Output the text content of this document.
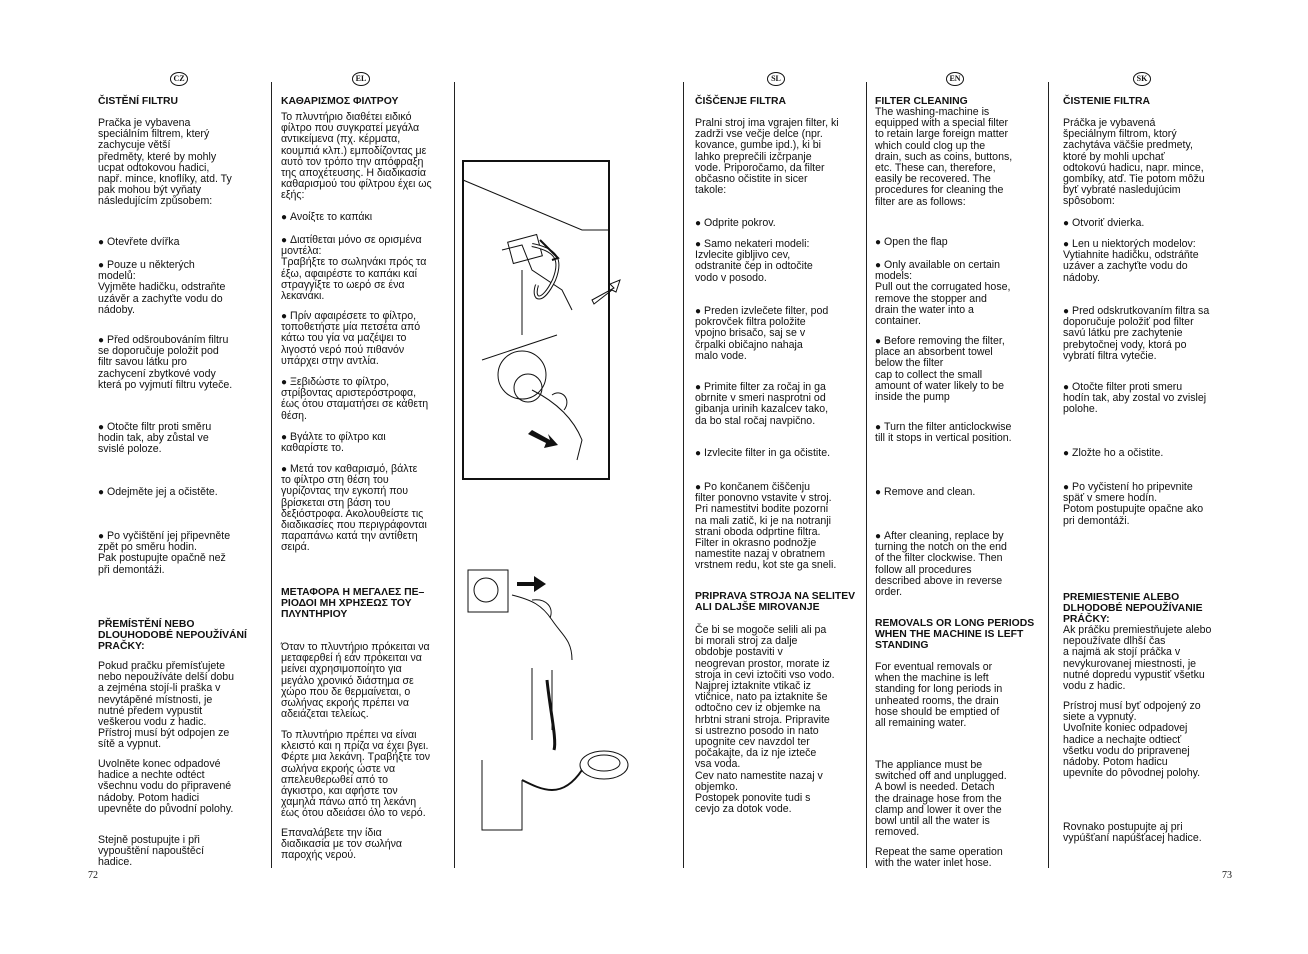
CZ	EL	SL	EN	SK
ČISTĚNÍ FILTRU

Pračka je vybavena
speciálním filtrem, který
zachycuje větší
předměty, které by mohly
ucpat odtokovou hadici,
např. mince, knoflíky, atd. Ty
pak mohou být vyňaty
následujícím způsobem:

● Otevřete dvířka

● Pouze u některých
modelů:
Vyjměte hadičku, odstraňte
uzávěr a zachyťte vodu do
nádoby.

● Před odšroubováním filtru
se doporučuje položit pod
filtr savou látku pro
zachycení zbytkové vody
která po vyjmutí filtru vyteče.

● Otočte filtr proti směru
hodin tak, aby zůstal ve
svislé poloze.

● Odejměte jej a očistěte.

● Po vyčištění jej připevněte
zpět po směru hodin.
Pak postupujte opačně než
při demontáži.

PŘEMÍSTĚNÍ NEBO
DLOUHODOBÉ NEPOUŽÍVÁNÍ
PRAČKY:

Pokud pračku přemísťujete
nebo nepoužíváte delší dobu
a zejména stojí-li praška v
nevytápěné místnosti, je
nutné předem vypustit
veškerou vodu z hadic.
Přístroj musí být odpojen ze
sítě a vypnut.

Uvolněte konec odpadové
hadice a nechte odtéct
všechnu vodu do připravené
nádoby. Potom hadici
upevněte do původní polohy.

Stejně postupujte i při
vypouštění napouštěcí
hadice.

ΚΑΘΑΡΙΣΜΟΣ ΦΙΛΤΡΟΥ

Το πλυντήριο διαθέτει ειδικό
φίλτρο που συγκρατεί μεγάλα
αντικείμενα (πχ. κέρματα,
κουμπιά κλπ.) εμποδίζοντας με
αυτό τον τρόπο την απόφραξη
της αποχέτευσης. Η διαδικασία
καθαρισμού του φίλτρου έχει ως
εξής:

● Ανοίξτε το καπάκι

● Διατίθεται μόνο σε ορισμένα
μοντέλα:
Τραβήξτε το σωληνάκι πρός τα
έξω, αφαιρέστε το καπάκι καί
στραγγίξτε το ωερό σε ένα
λεκανάκι.

● Πρίν αφαιρέσετε το φίλτρο,
τοποθετήστε μία πετσέτα από
κάτω του γία να μαζέψει το
λιγοστό νερό πού πιθανόν
υπάρχει στην αντλία.

● Ξεβιδώστε το φίλτρο,
στρίβοντας αριστερόστροφα,
έως ότου σταματήσει σε κάθετη
θέση.

● Βγάλτε το φίλτρο και
καθαρίστε το.

● Μετά τον καθαρισμό, βάλτε
το φίλτρο στη θέση του
γυρίζοντας την εγκοπή που
βρίσκεται στη βάση του
δεξιόστροφα. Ακολουθείστε τις
διαδικασίες που περιγράφονται
παραπάνω κατά την αντίθετη
σειρά.

ΜΕΤΑΦΟΡΑ Η ΜΕΓΑΛΕΣ ΠΕ–
ΡΙΟΔΟΙ ΜΗ ΧΡΗΣΕΩΣ ΤΟΥ
ΠΛΥΝΤΗΡΙΟΥ

Όταν το πλυντήριο πρόκειται να
μεταφερθεί ή εάν πρόκειται να
μείνει αχρησιμοποίητο για
μεγάλο χρονικό διάστημα σε
χώρο που δε θερμαίνεται, ο
σωλήνας εκροής πρέπει να
αδειάζεται τελείως.

Το πλυντήριο πρέπει να είναι
κλειστό και η πρίζα να έχει βγει.
Φέρτε μια λεκάνη. Τραβήξτε τον
σωλήνα εκροής ώστε να
απελευθερωθεί από το
άγκιστρο, και αφήστε τον
χαμηλά πάνω από τη λεκάνη
έως ότου αδειάσει όλο το νερό.

Επαναλάβετε την ίδια
διαδικασία με τον σωλήνα
παροχής νερού.

ČIŠČENJE FILTRA

Pralni stroj ima vgrajen filter, ki
zadrži vse večje delce (npr.
kovance, gumbe ipd.), ki bi
lahko preprečili izčrpanje
vode. Priporočamo, da filter
občasno očistite in sicer
takole:

● Odprite pokrov.

● Samo nekateri modeli:
Izvlecite gibljivo cev,
odstranite čep in odtočite
vodo v posodo.

● Preden izvlečete filter, pod
pokrovček filtra položite
vpojno brisačo, saj se v
črpalki običajno nahaja
malo vode.

● Primite filter za ročaj in ga
obrnite v smeri nasprotni od
gibanja urinih kazalcev tako,
da bo stal ročaj navpično.

● Izvlecite filter in ga očistite.

● Po končanem čiščenju
filter ponovno vstavite v stroj.
Pri namestitvi bodite pozorni
na mali zatič, ki je na notranji
strani oboda odprtine filtra.
Filter in okrasno podnožje
namestite nazaj v obratnem
vrstnem redu, kot ste ga sneli.

PRIPRAVA STROJA NA SELITEV
ALI DALJŠE MIROVANJE

Če bi se mogoče selili ali pa
bi morali stroj za dalje
obdobje postaviti v
neogrevan prostor, morate iz
stroja in cevi iztočiti vso vodo.
Najprej iztaknite vtikač iz
vtičnice, nato pa iztaknite še
odtočno cev iz objemke na
hrbtni strani stroja. Pripravite
si ustrezno posodo in nato
upognite cev navzdol ter
počakajte, da iz nje izteče
vsa voda.
Cev nato namestite nazaj v
objemko.
Postopek ponovite tudi s
cevjo za dotok vode.

FILTER CLEANING

The washing-machine is
equipped with a special filter
to retain large foreign matter
which could clog up the
drain, such as coins, buttons,
etc. These can, therefore,
easily be recovered. The
procedures for cleaning the
filter are as follows:

● Open the flap

● Only available on certain
models:
Pull out the corrugated hose,
remove the stopper and
drain the water into a
container.

● Before removing the filter,
place an absorbent towel
below the filter
cap to collect the small
amount of water likely to be
inside the pump

● Turn the filter anticlockwise
till it stops in vertical position.

● Remove and clean.

● After cleaning, replace by
turning the notch on the end
of the filter clockwise. Then
follow all procedures
described above in reverse
order.

REMOVALS OR LONG PERIODS
WHEN THE MACHINE IS LEFT
STANDING

For eventual removals or
when the machine is left
standing for long periods in
unheated rooms, the drain
hose should be emptied of
all remaining water.

The appliance must be
switched off and unplugged.
A bowl is needed. Detach
the drainage hose from the
clamp and lower it over the
bowl until all the water is
removed.

Repeat the same operation
with the water inlet hose.

ČISTENIE FILTRA

Práčka je vybavená
špeciálnym filtrom, ktorý
zachytáva väčšie predmety,
ktoré by mohli upchať
odtokovú hadicu, napr. mince,
gombíky, atď. Tie potom môžu
byť vybraté nasledujúcim
spôsobom:

● Otvoriť dvierka.

● Len u niektorých modelov:
Vytiahnite hadičku, odstráňte
uzáver a zachyťte vodu do
nádoby.

● Pred odskrutkovaním filtra sa
doporučuje položiť pod filter
savú látku pre zachytenie
prebytočnej vody, ktorá po
vybratí filtra vytečie.

● Otočte filter proti smeru
hodín tak, aby zostal vo zvislej
polohe.

● Zložte ho a očistite.

● Po vyčistení ho pripevnite
späť v smere hodín.
Potom postupujte opačne ako
pri demontáži.

PREMIESTENIE ALEBO
DLHODOBÉ NEPOUŽÍVANIE
PRÁČKY:

Ak práčku premiestňujete alebo
nepoužívate dlhší čas
a najmä ak stojí práčka v
nevykurovanej miestnosti, je
nutné dopredu vypustiť všetku
vodu z hadic.

Prístroj musí byť odpojený zo
siete a vypnutý.
Uvoľnite koniec odpadovej
hadice a nechajte odtiecť
všetku vodu do pripravenej
nádoby. Potom hadicu
upevnite do pôvodnej polohy.

Rovnako postupujte aj pri
vypúšťaní napúšťacej hadice.

72	73
